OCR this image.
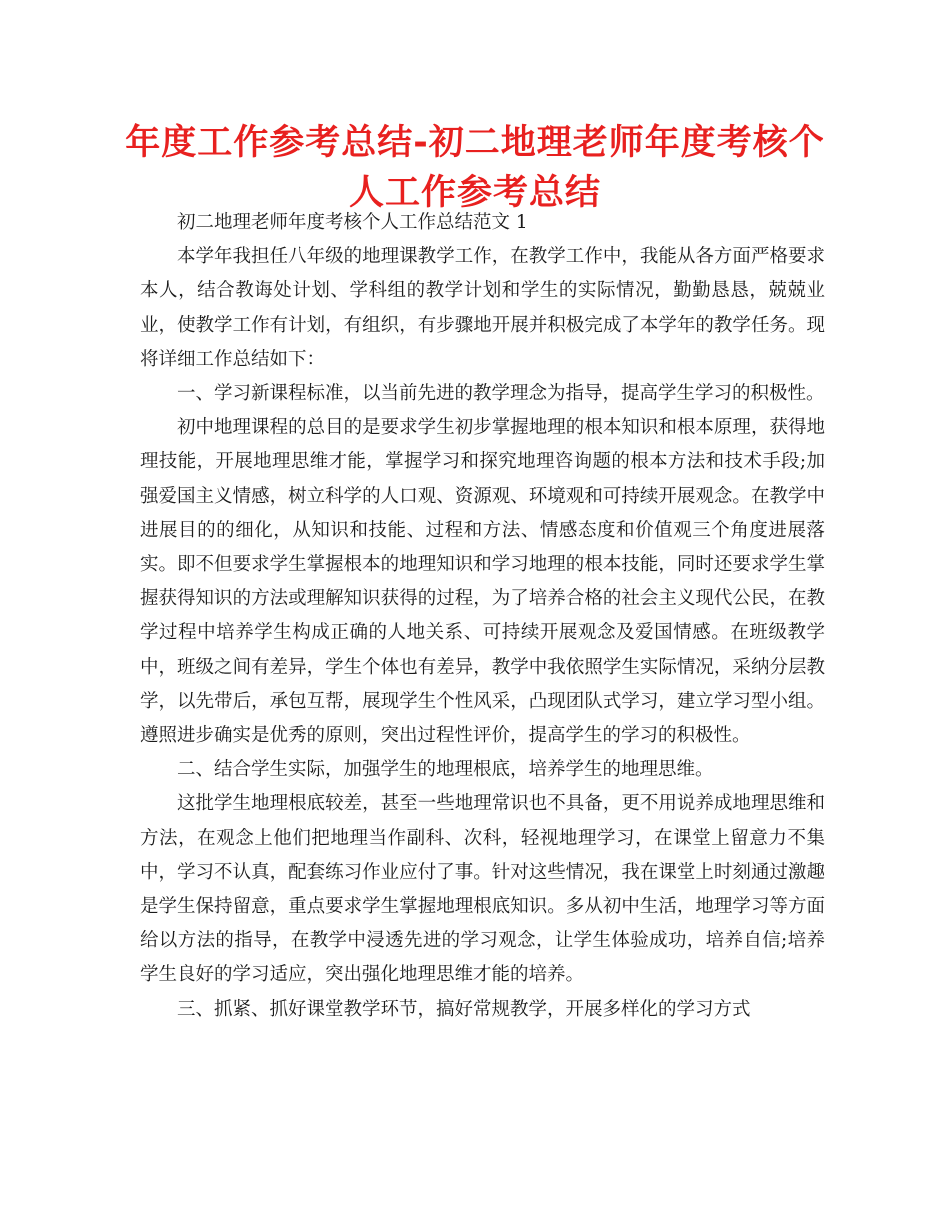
年度工作参考总结-初二地理老师年度考核个人工作参考总结

初二地理老师年度考核个人工作总结范文 1

本学年我担任八年级的地理课教学工作，在教学工作中，我能从各方面严格要求本人，结合教诲处计划、学科组的教学计划和学生的实际情况，勤勤恳恳，兢兢业业，使教学工作有计划，有组织，有步骤地开展并积极完成了本学年的教学任务。现将详细工作总结如下：

一、学习新课程标准，以当前先进的教学理念为指导，提高学生学习的积极性。

初中地理课程的总目的是要求学生初步掌握地理的根本知识和根本原理，获得地理技能，开展地理思维才能，掌握学习和探究地理咨询题的根本方法和技术手段;加强爱国主义情感，树立科学的人口观、资源观、环境观和可持续开展观念。在教学中进展目的的细化，从知识和技能、过程和方法、情感态度和价值观三个角度进展落实。即不但要求学生掌握根本的地理知识和学习地理的根本技能，同时还要求学生掌握获得知识的方法或理解知识获得的过程，为了培养合格的社会主义现代公民，在教学过程中培养学生构成正确的人地关系、可持续开展观念及爱国情感。在班级教学中，班级之间有差异，学生个体也有差异，教学中我依照学生实际情况，采纳分层教学，以先带后，承包互帮，展现学生个性风采，凸现团队式学习，建立学习型小组。遵照进步确实是优秀的原则，突出过程性评价，提高学生的学习的积极性。

二、结合学生实际，加强学生的地理根底，培养学生的地理思维。

这批学生地理根底较差，甚至一些地理常识也不具备，更不用说养成地理思维和方法，在观念上他们把地理当作副科、次科，轻视地理学习，在课堂上留意力不集中，学习不认真，配套练习作业应付了事。针对这些情况，我在课堂上时刻通过激趣是学生保持留意，重点要求学生掌握地理根底知识。多从初中生活，地理学习等方面给以方法的指导，在教学中浸透先进的学习观念，让学生体验成功，培养自信;培养学生良好的学习适应，突出强化地理思维才能的培养。

三、抓紧、抓好课堂教学环节，搞好常规教学，开展多样化的学习方式
